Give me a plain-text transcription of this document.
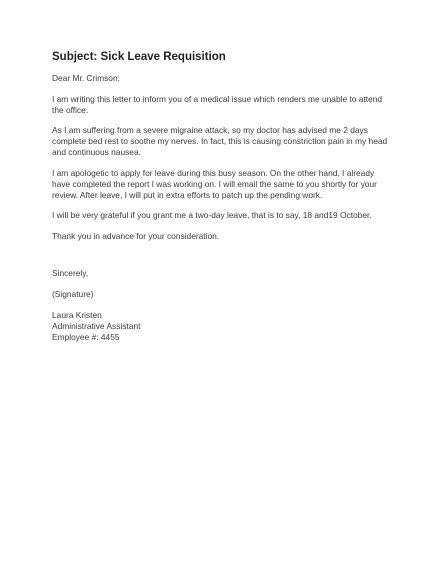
Subject: Sick Leave Requisition
Dear Mr. Crimson:
I am writing this letter to inform you of a medical issue which renders me unable to attend the office.
As I am suffering from a severe migraine attack, so my doctor has advised me 2 days complete bed rest to soothe my nerves. In fact, this is causing constriction pain in my head and continuous nausea.
I am apologetic to apply for leave during this busy season. On the other hand, I already have completed the report I was working on. I will email the same to you shortly for your review. After leave, I will put in extra efforts to patch up the pending work.
I will be very grateful if you grant me a two-day leave, that is to say, 18 and19 October.
Thank you in advance for your consideration.
Sincerely,
(Signature)
Laura Kristen
Administrative Assistant
Employee #: 4455
